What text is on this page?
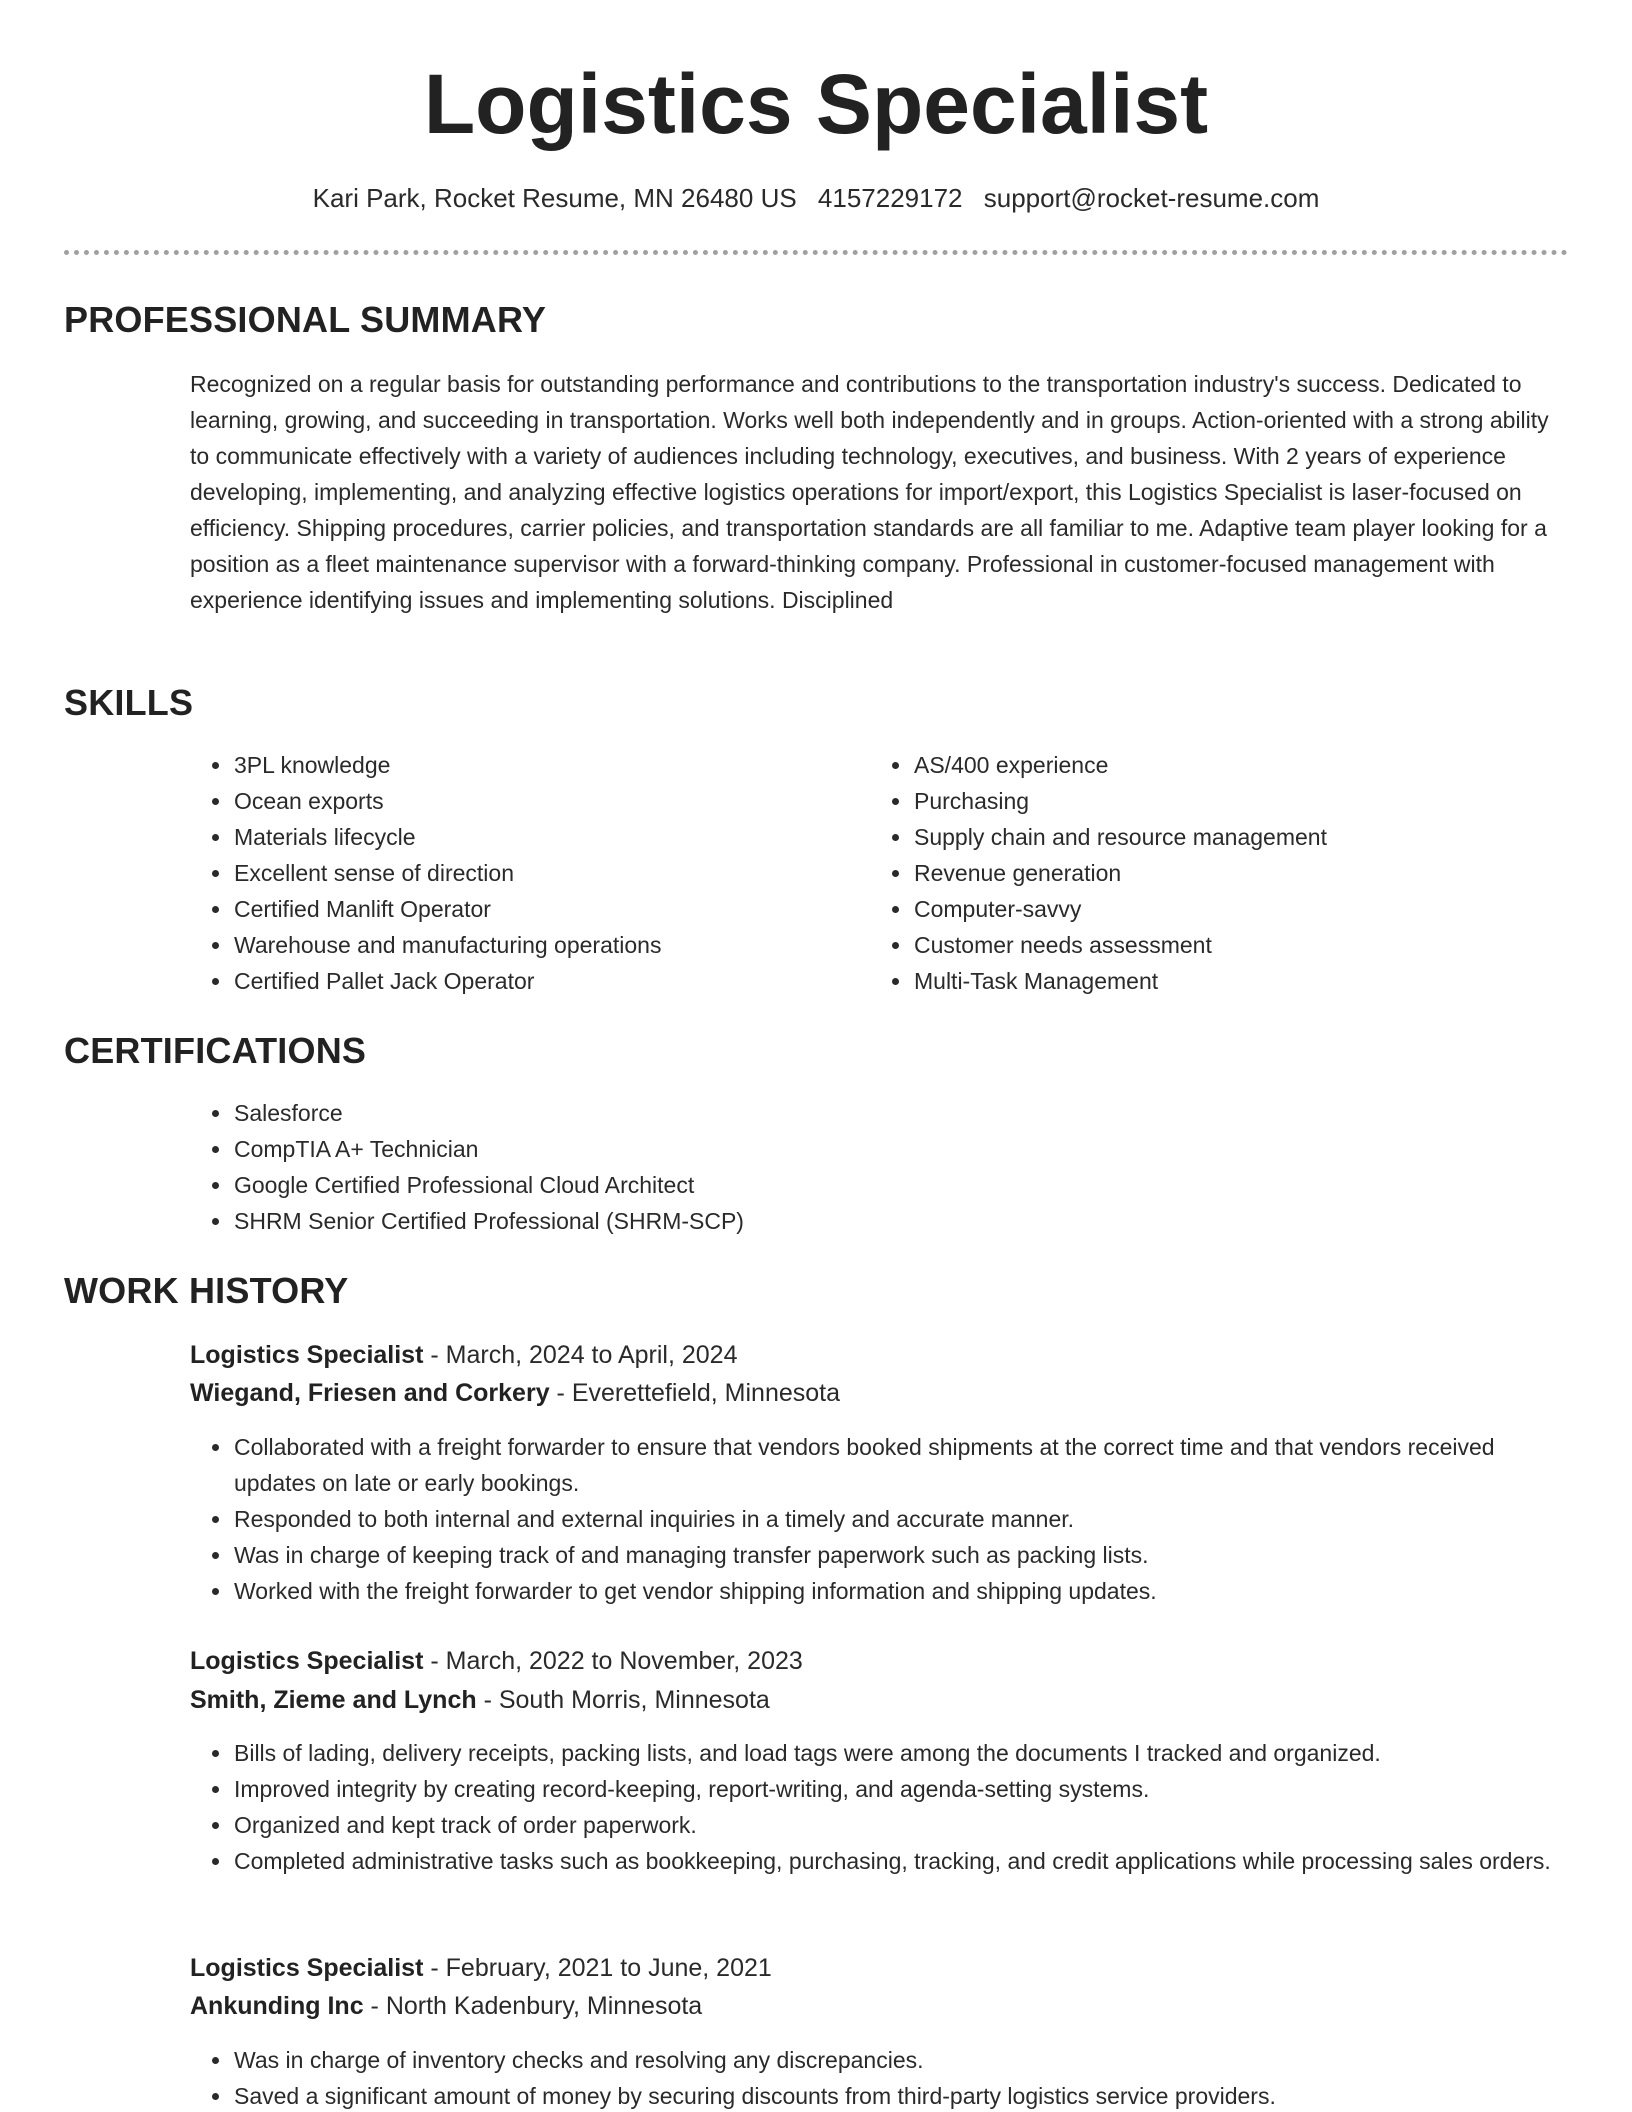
Logistics Specialist
Kari Park, Rocket Resume, MN 26480 US 4157229172 support@rocket-resume.com
PROFESSIONAL SUMMARY

Recognized on a regular basis for outstanding performance and contributions to the transportation industry's success. Dedicated to learning, growing, and succeeding in transportation. Works well both independently and in groups. Action-oriented with a strong ability to communicate effectively with a variety of audiences including technology, executives, and business. With 2 years of experience developing, implementing, and analyzing effective logistics operations for import/export, this Logistics Specialist is laser-focused on efficiency. Shipping procedures, carrier policies, and transportation standards are all familiar to me. Adaptive team player looking for a position as a fleet maintenance supervisor with a forward-thinking company. Professional in customer-focused management with experience identifying issues and implementing solutions. Disciplined

SKILLS
• 3PL knowledge
• Ocean exports
• Materials lifecycle
• Excellent sense of direction
• Certified Manlift Operator
• Warehouse and manufacturing operations
• Certified Pallet Jack Operator
• AS/400 experience
• Purchasing
• Supply chain and resource management
• Revenue generation
• Computer-savvy
• Customer needs assessment
• Multi-Task Management
CERTIFICATIONS
• Salesforce
• CompTIA A+ Technician
• Google Certified Professional Cloud Architect
• SHRM Senior Certified Professional (SHRM-SCP)
WORK HISTORY
Logistics Specialist - March, 2024 to April, 2024
Wiegand, Friesen and Corkery - Everettefield, Minnesota
• Collaborated with a freight forwarder to ensure that vendors booked shipments at the correct time and that vendors received updates on late or early bookings.
• Responded to both internal and external inquiries in a timely and accurate manner.
• Was in charge of keeping track of and managing transfer paperwork such as packing lists.
• Worked with the freight forwarder to get vendor shipping information and shipping updates.
Logistics Specialist - March, 2022 to November, 2023
Smith, Zieme and Lynch - South Morris, Minnesota
• Bills of lading, delivery receipts, packing lists, and load tags were among the documents I tracked and organized.
• Improved integrity by creating record-keeping, report-writing, and agenda-setting systems.
• Organized and kept track of order paperwork.
• Completed administrative tasks such as bookkeeping, purchasing, tracking, and credit applications while processing sales orders.
Logistics Specialist - February, 2021 to June, 2021
Ankunding Inc - North Kadenbury, Minnesota
• Was in charge of inventory checks and resolving any discrepancies.
• Saved a significant amount of money by securing discounts from third-party logistics service providers.
